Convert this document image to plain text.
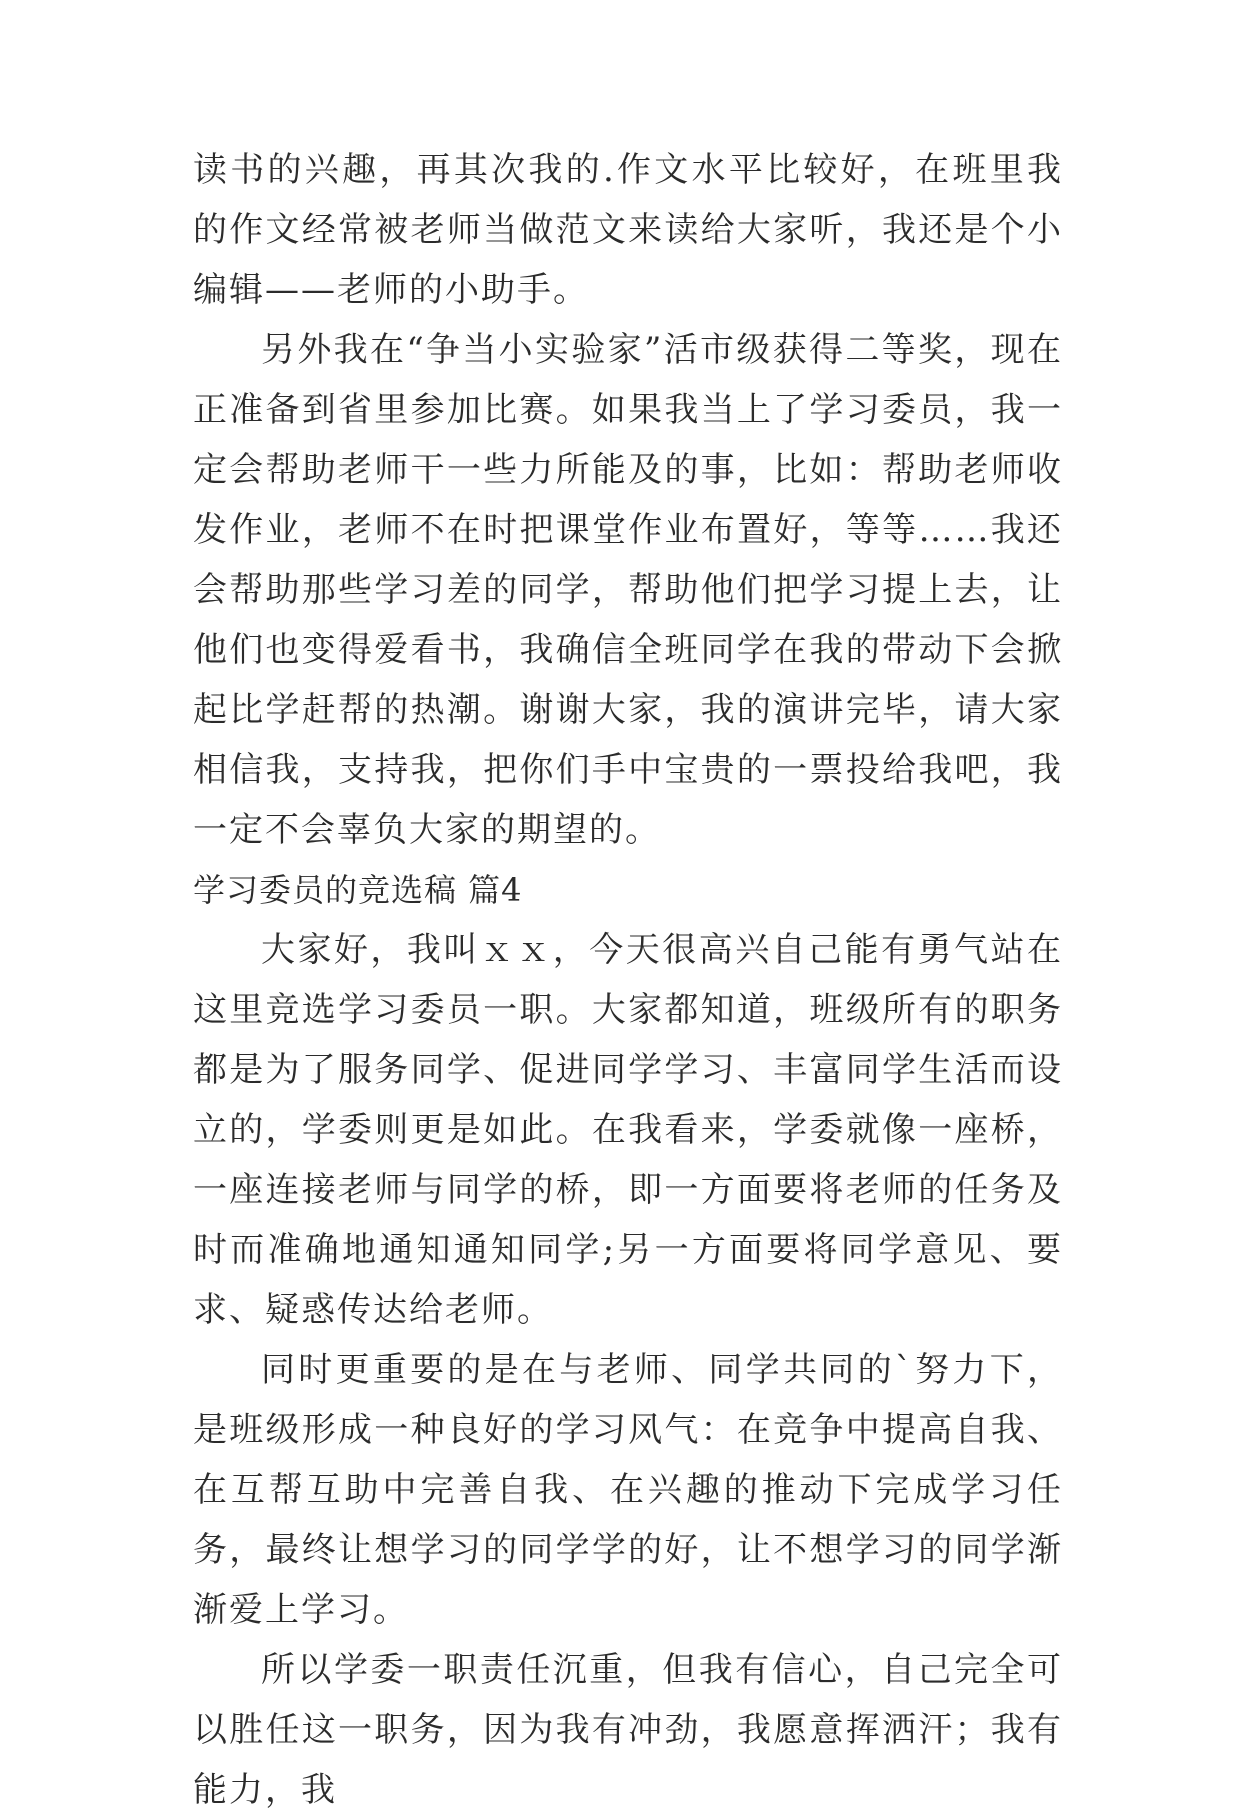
读书的兴趣，再其次我的.作文水平比较好，在班里我的作文经常被老师当做范文来读给大家听，我还是个小编辑——老师的小助手。

另外我在“争当小实验家”活市级获得二等奖，现在正准备到省里参加比赛。如果我当上了学习委员，我一定会帮助老师干一些力所能及的事，比如：帮助老师收发作业，老师不在时把课堂作业布置好，等等……我还会帮助那些学习差的同学，帮助他们把学习提上去，让他们也变得爱看书，我确信全班同学在我的带动下会掀起比学赶帮的热潮。谢谢大家，我的演讲完毕，请大家相信我，支持我，把你们手中宝贵的一票投给我吧，我一定不会辜负大家的期望的。

学习委员的竞选稿 篇4

大家好，我叫ｘｘ，今天很高兴自己能有勇气站在这里竞选学习委员一职。大家都知道，班级所有的职务都是为了服务同学、促进同学学习、丰富同学生活而设立的，学委则更是如此。在我看来，学委就像一座桥，一座连接老师与同学的桥，即一方面要将老师的任务及时而准确地通知通知同学;另一方面要将同学意见、要求、疑惑传达给老师。

同时更重要的是在与老师、同学共同的`努力下，是班级形成一种良好的学习风气：在竞争中提高自我、在互帮互助中完善自我、在兴趣的推动下完成学习任务，最终让想学习的同学学的好，让不想学习的同学渐渐爱上学习。

所以学委一职责任沉重，但我有信心，自己完全可以胜任这一职务，因为我有冲劲，我愿意挥洒汗；我有能力，我
